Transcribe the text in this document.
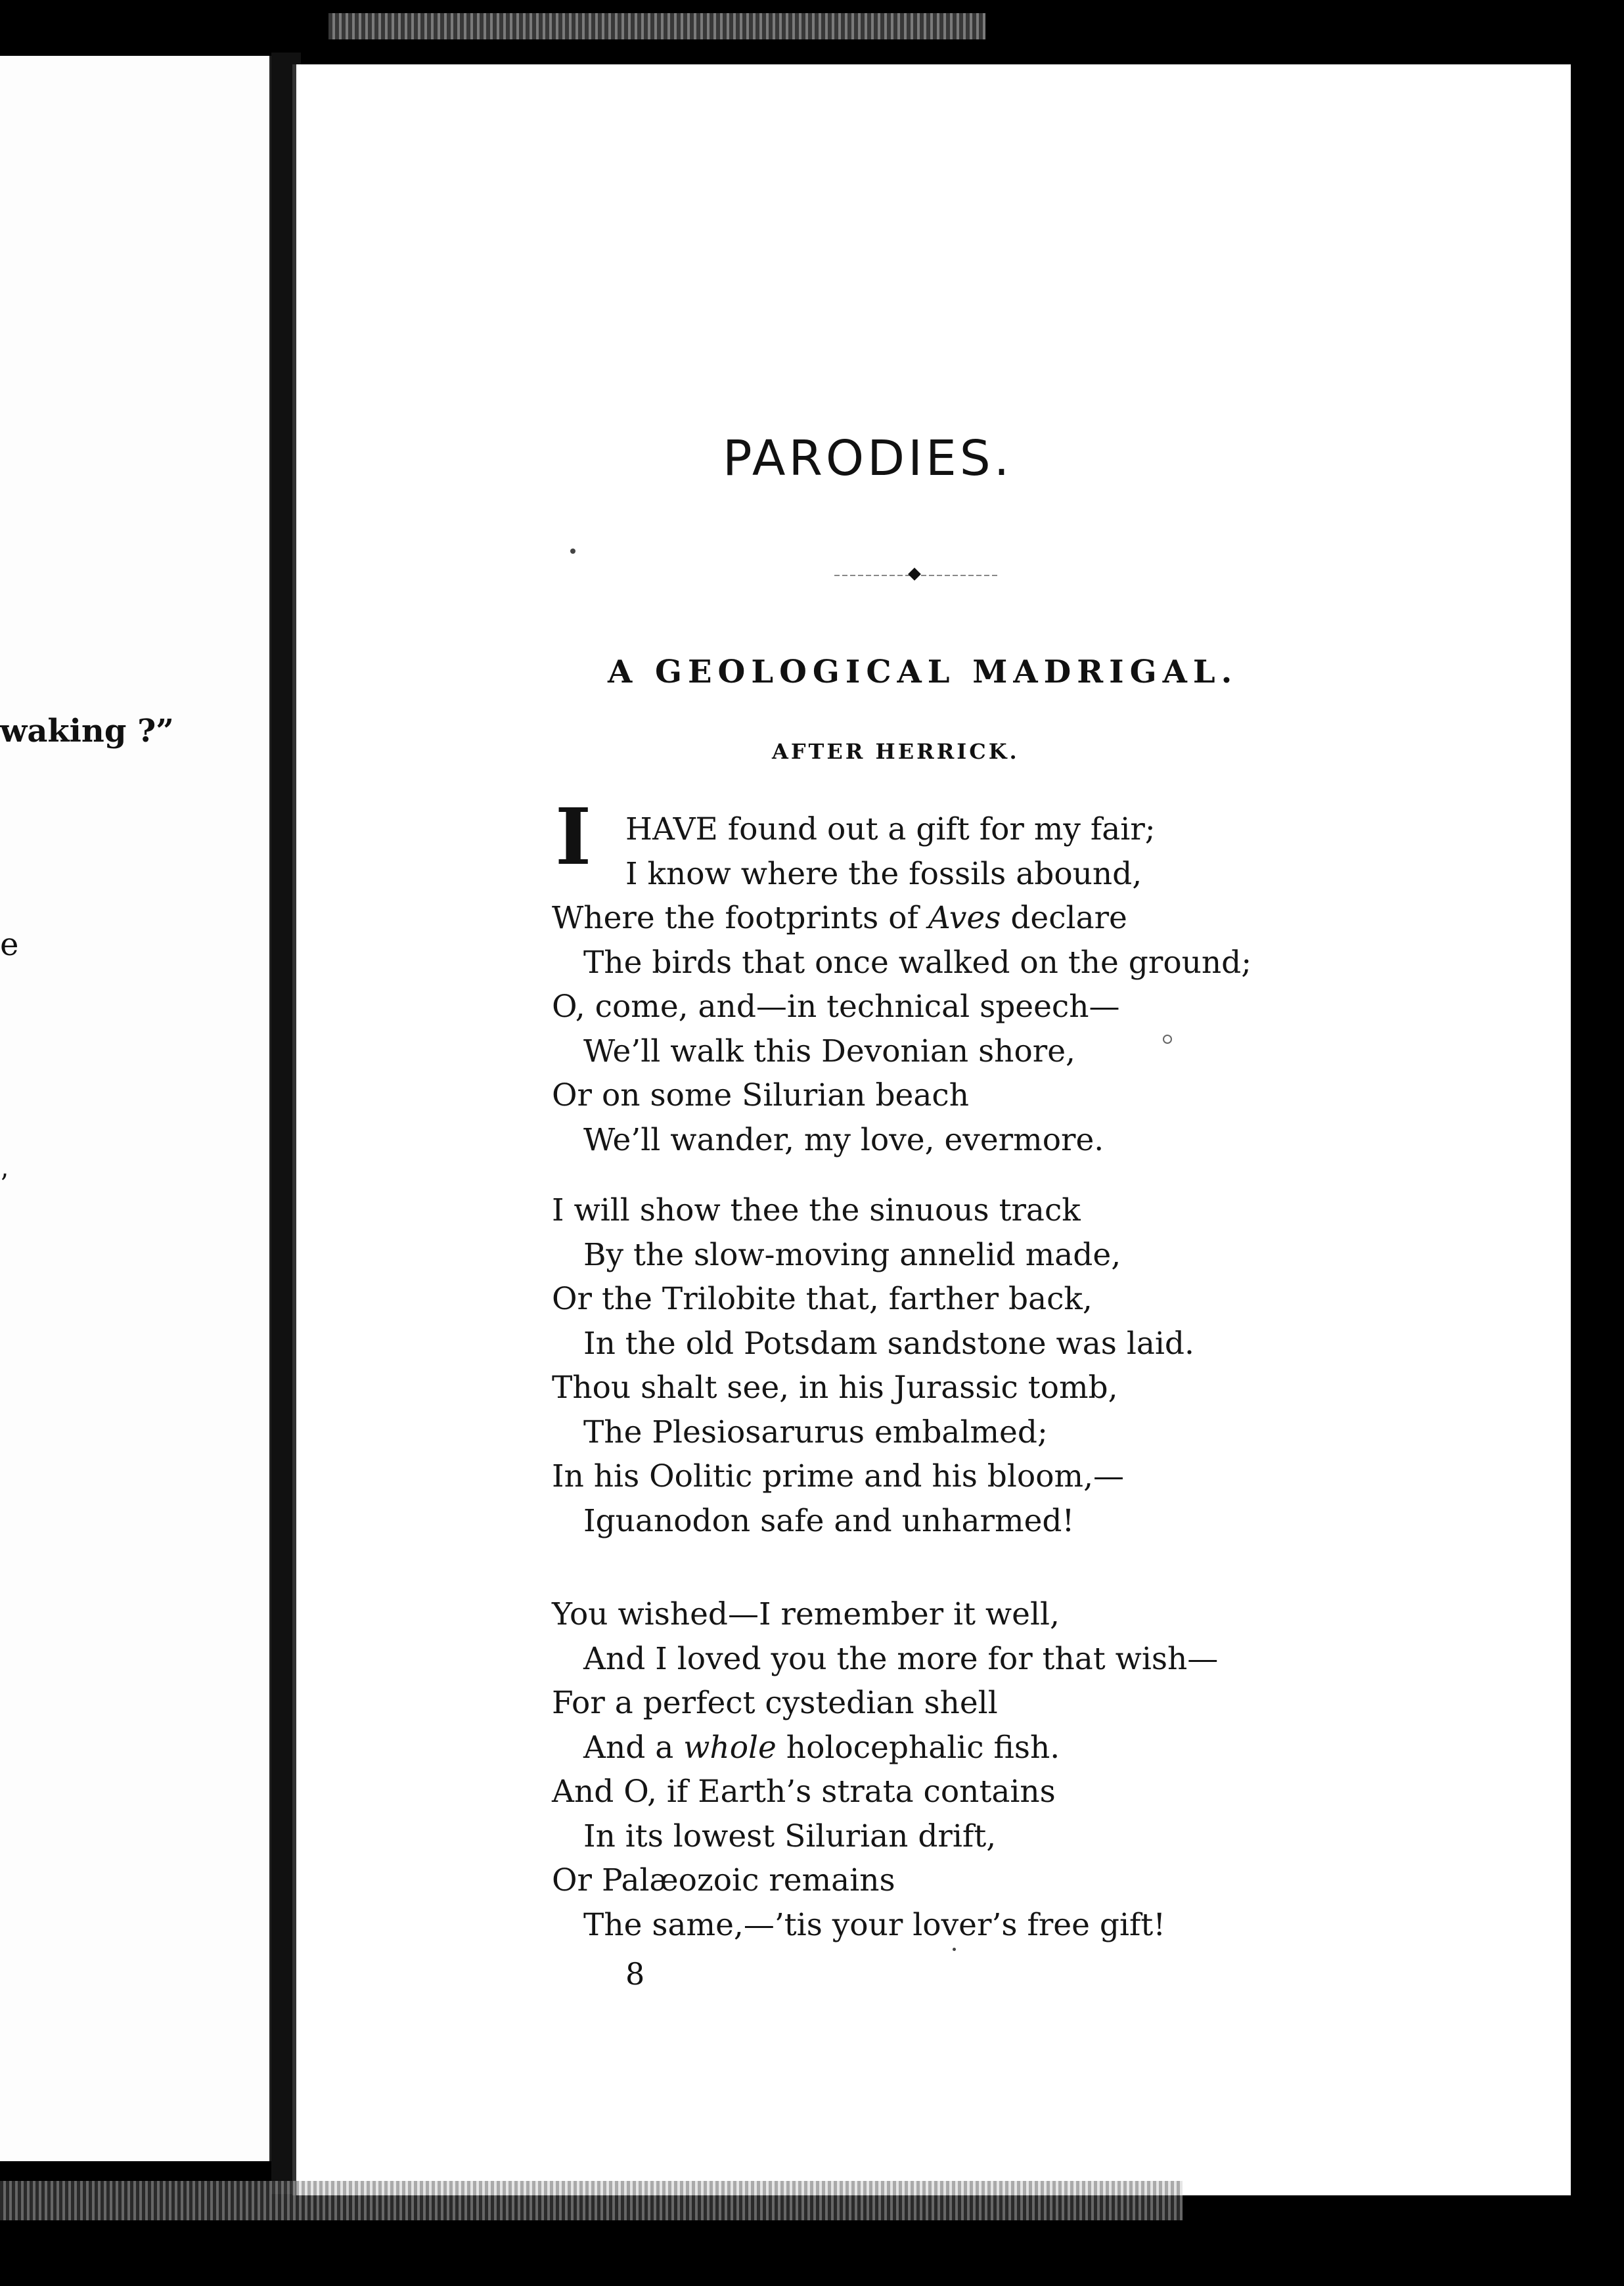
waking ?”
e
’
PARODIES.
A GEOLOGICAL MADRIGAL.
AFTER HERRICK.
I HAVE found out a gift for my fair;
I know where the fossils abound,
Where the footprints of Aves declare
The birds that once walked on the ground;
O, come, and—in technical speech—
We’ll walk this Devonian shore,
Or on some Silurian beach
We’ll wander, my love, evermore.
I will show thee the sinuous track
By the slow-moving annelid made,
Or the Trilobite that, farther back,
In the old Potsdam sandstone was laid.
Thou shalt see, in his Jurassic tomb,
The Plesiosarurus embalmed;
In his Oolitic prime and his bloom,—
Iguanodon safe and unharmed!
You wished—I remember it well,
And I loved you the more for that wish—
For a perfect cystedian shell
And a whole holocephalic fish.
And O, if Earth’s strata contains
In its lowest Silurian drift,
Or Palæozoic remains
The same,—’tis your lover’s free gift!
8
